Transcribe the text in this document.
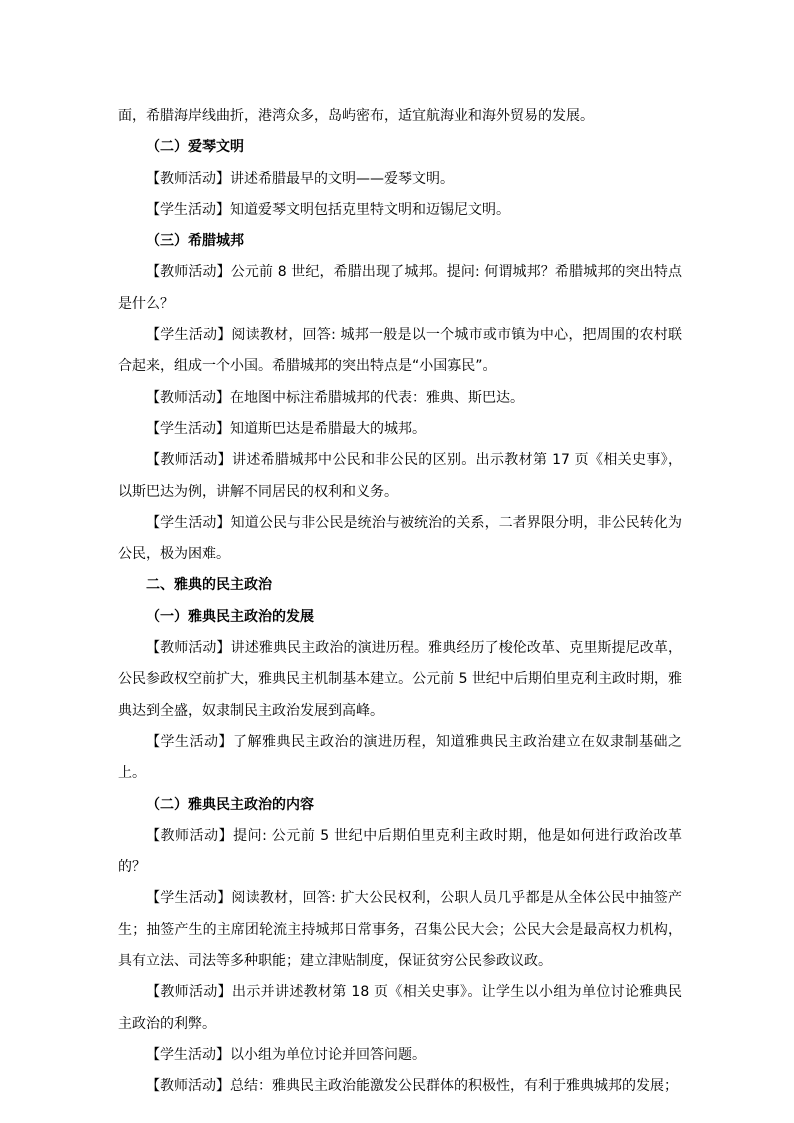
面，希腊海岸线曲折，港湾众多，岛屿密布，适宜航海业和海外贸易的发展。

（二）爱琴文明

【教师活动】讲述希腊最早的文明——爱琴文明。

【学生活动】知道爱琴文明包括克里特文明和迈锡尼文明。

（三）希腊城邦

【教师活动】公元前 8 世纪，希腊出现了城邦。提问: 何谓城邦？希腊城邦的突出特点是什么？

【学生活动】阅读教材，回答: 城邦一般是以一个城市或市镇为中心，把周围的农村联合起来，组成一个小国。希腊城邦的突出特点是“小国寡民”。

【教师活动】在地图中标注希腊城邦的代表：雅典、斯巴达。

【学生活动】知道斯巴达是希腊最大的城邦。

【教师活动】讲述希腊城邦中公民和非公民的区别。出示教材第 17 页《相关史事》，以斯巴达为例，讲解不同居民的权利和义务。

【学生活动】知道公民与非公民是统治与被统治的关系，二者界限分明，非公民转化为公民，极为困难。

二、雅典的民主政治

（一）雅典民主政治的发展

【教师活动】讲述雅典民主政治的演进历程。雅典经历了梭伦改革、克里斯提尼改革，公民参政权空前扩大，雅典民主机制基本建立。公元前 5 世纪中后期伯里克利主政时期，雅典达到全盛，奴隶制民主政治发展到高峰。

【学生活动】了解雅典民主政治的演进历程，知道雅典民主政治建立在奴隶制基础之上。

（二）雅典民主政治的内容

【教师活动】提问: 公元前 5 世纪中后期伯里克利主政时期，他是如何进行政治改革的？

【学生活动】阅读教材，回答: 扩大公民权利，公职人员几乎都是从全体公民中抽签产生；抽签产生的主席团轮流主持城邦日常事务，召集公民大会；公民大会是最高权力机构，具有立法、司法等多种职能；建立津贴制度，保证贫穷公民参政议政。

【教师活动】出示并讲述教材第 18 页《相关史事》。让学生以小组为单位讨论雅典民主政治的利弊。

【学生活动】以小组为单位讨论并回答问题。

【教师活动】总结：雅典民主政治能激发公民群体的积极性，有利于雅典城邦的发展；
